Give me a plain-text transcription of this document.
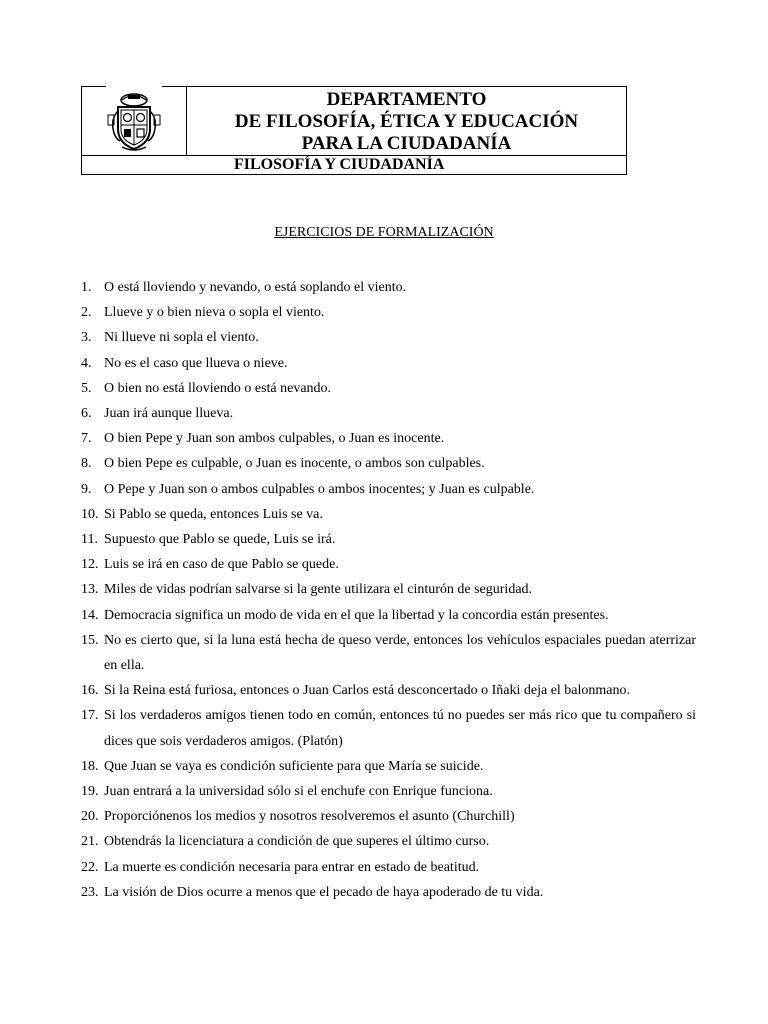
DEPARTAMENTO
DE FILOSOFÍA, ÉTICA Y EDUCACIÓN
PARA LA CIUDADANÍA
FILOSOFÍA Y CIUDADANÍA
EJERCICIOS DE FORMALIZACIÓN
1. O está lloviendo y nevando, o está soplando el viento.
2. Llueve y o bien nieva o sopla el viento.
3. Ni llueve ni sopla el viento.
4. No es el caso que llueva o nieve.
5. O bien no está lloviendo o está nevando.
6. Juan irá aunque llueva.
7. O bien Pepe y Juan son ambos culpables, o Juan es inocente.
8. O bien Pepe es culpable, o Juan es inocente, o ambos son culpables.
9. O Pepe y Juan son o ambos culpables o ambos inocentes; y Juan es culpable.
10. Si Pablo se queda, entonces Luis se va.
11. Supuesto que Pablo se quede, Luis se irá.
12. Luis se irá en caso de que Pablo se quede.
13. Miles de vidas podrían salvarse si la gente utilizara el cinturón de seguridad.
14. Democracia significa un modo de vida en el que la libertad y la concordia están presentes.
15. No es cierto que, si la luna está hecha de queso verde, entonces los vehículos espaciales puedan aterrizar en ella.
16. Si la Reina está furiosa, entonces o Juan Carlos está desconcertado o Iñaki deja el balonmano.
17. Si los verdaderos amigos tienen todo en común, entonces tú no puedes ser más rico que tu compañero si dices que sois verdaderos amigos. (Platón)
18. Que Juan se vaya es condición suficiente para que María se suicide.
19. Juan entrará a la universidad sólo si el enchufe con Enrique funciona.
20. Proporciónenos los medios y nosotros resolveremos el asunto (Churchill)
21. Obtendrás la licenciatura a condición de que superes el último curso.
22. La muerte es condición necesaria para entrar en estado de beatitud.
23. La visión de Dios ocurre a menos que el pecado de haya apoderado de tu vida.
